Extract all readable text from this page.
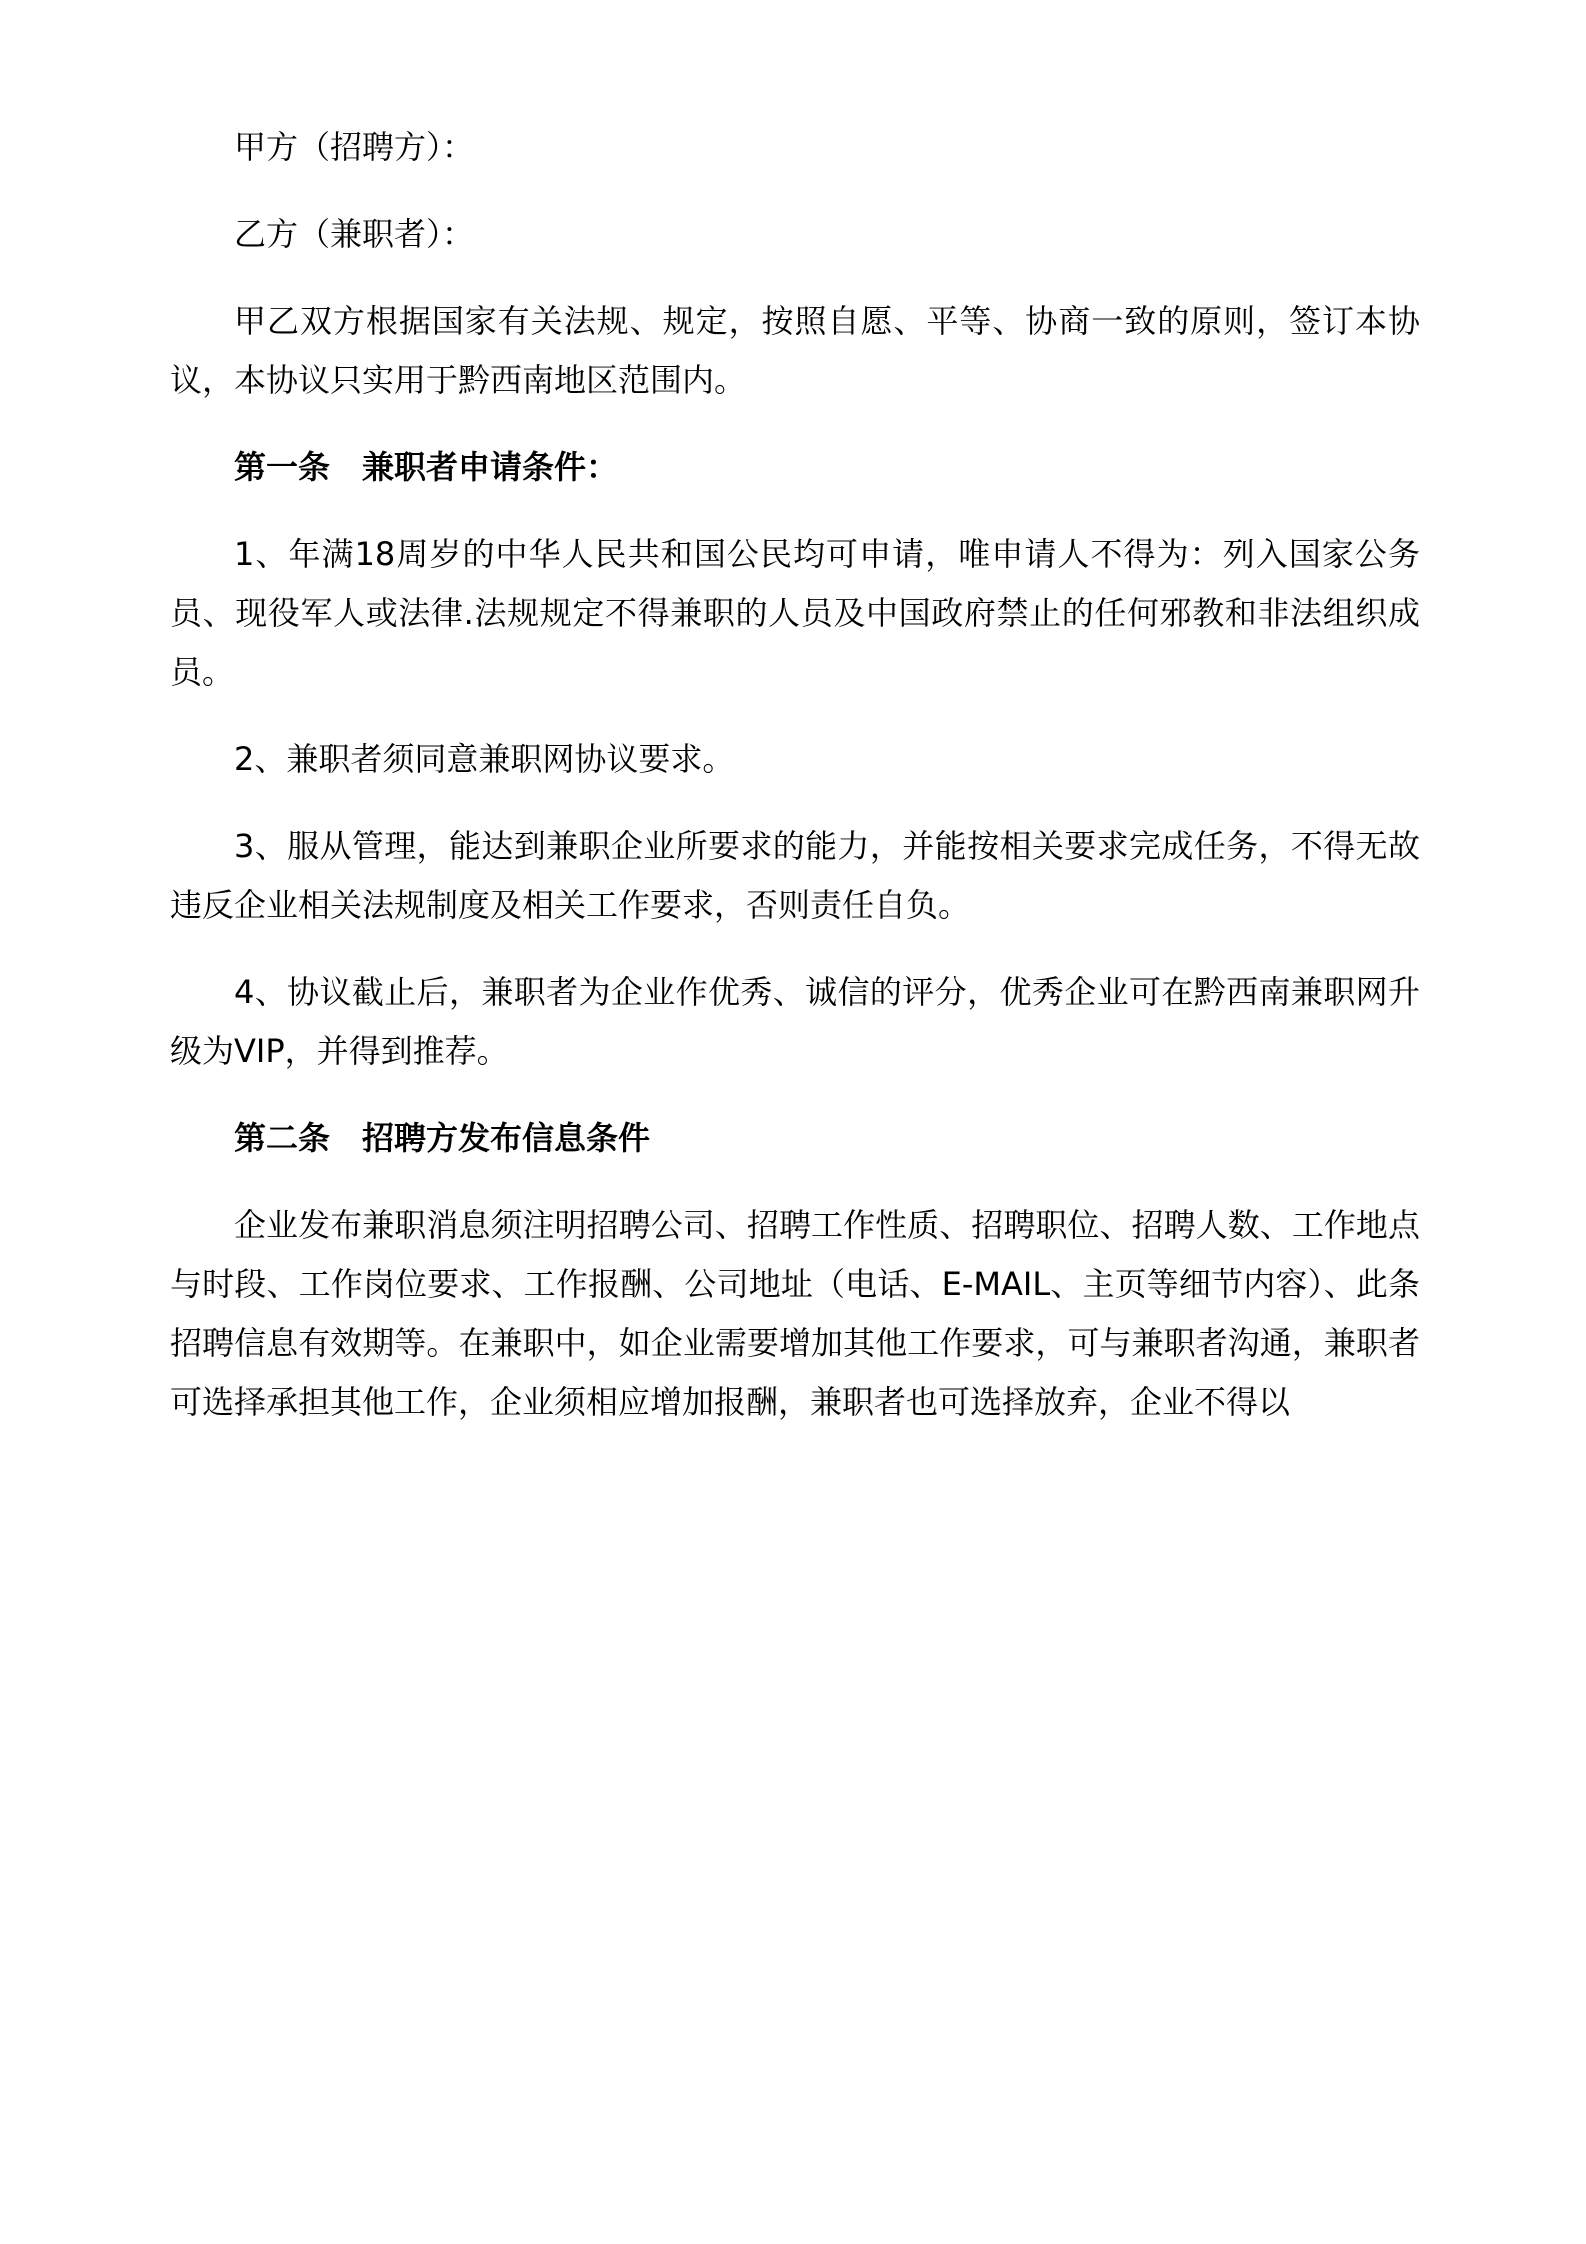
甲方（招聘方）：

乙方（兼职者）：

甲乙双方根据国家有关法规、规定，按照自愿、平等、协商一致的原则，签订本协议，本协议只实用于黔西南地区范围内。

第一条　兼职者申请条件：

1、年满18周岁的中华人民共和国公民均可申请，唯申请人不得为：列入国家公务员、现役军人或法律.法规规定不得兼职的人员及中国政府禁止的任何邪教和非法组织成员。

2、兼职者须同意兼职网协议要求。

3、服从管理，能达到兼职企业所要求的能力，并能按相关要求完成任务，不得无故违反企业相关法规制度及相关工作要求，否则责任自负。

4、协议截止后，兼职者为企业作优秀、诚信的评分，优秀企业可在黔西南兼职网升级为VIP，并得到推荐。

第二条　招聘方发布信息条件

企业发布兼职消息须注明招聘公司、招聘工作性质、招聘职位、招聘人数、工作地点与时段、工作岗位要求、工作报酬、公司地址（电话、E-MAIL、主页等细节内容）、此条招聘信息有效期等。在兼职中，如企业需要增加其他工作要求，可与兼职者沟通，兼职者可选择承担其他工作，企业须相应增加报酬，兼职者也可选择放弃，企业不得以
